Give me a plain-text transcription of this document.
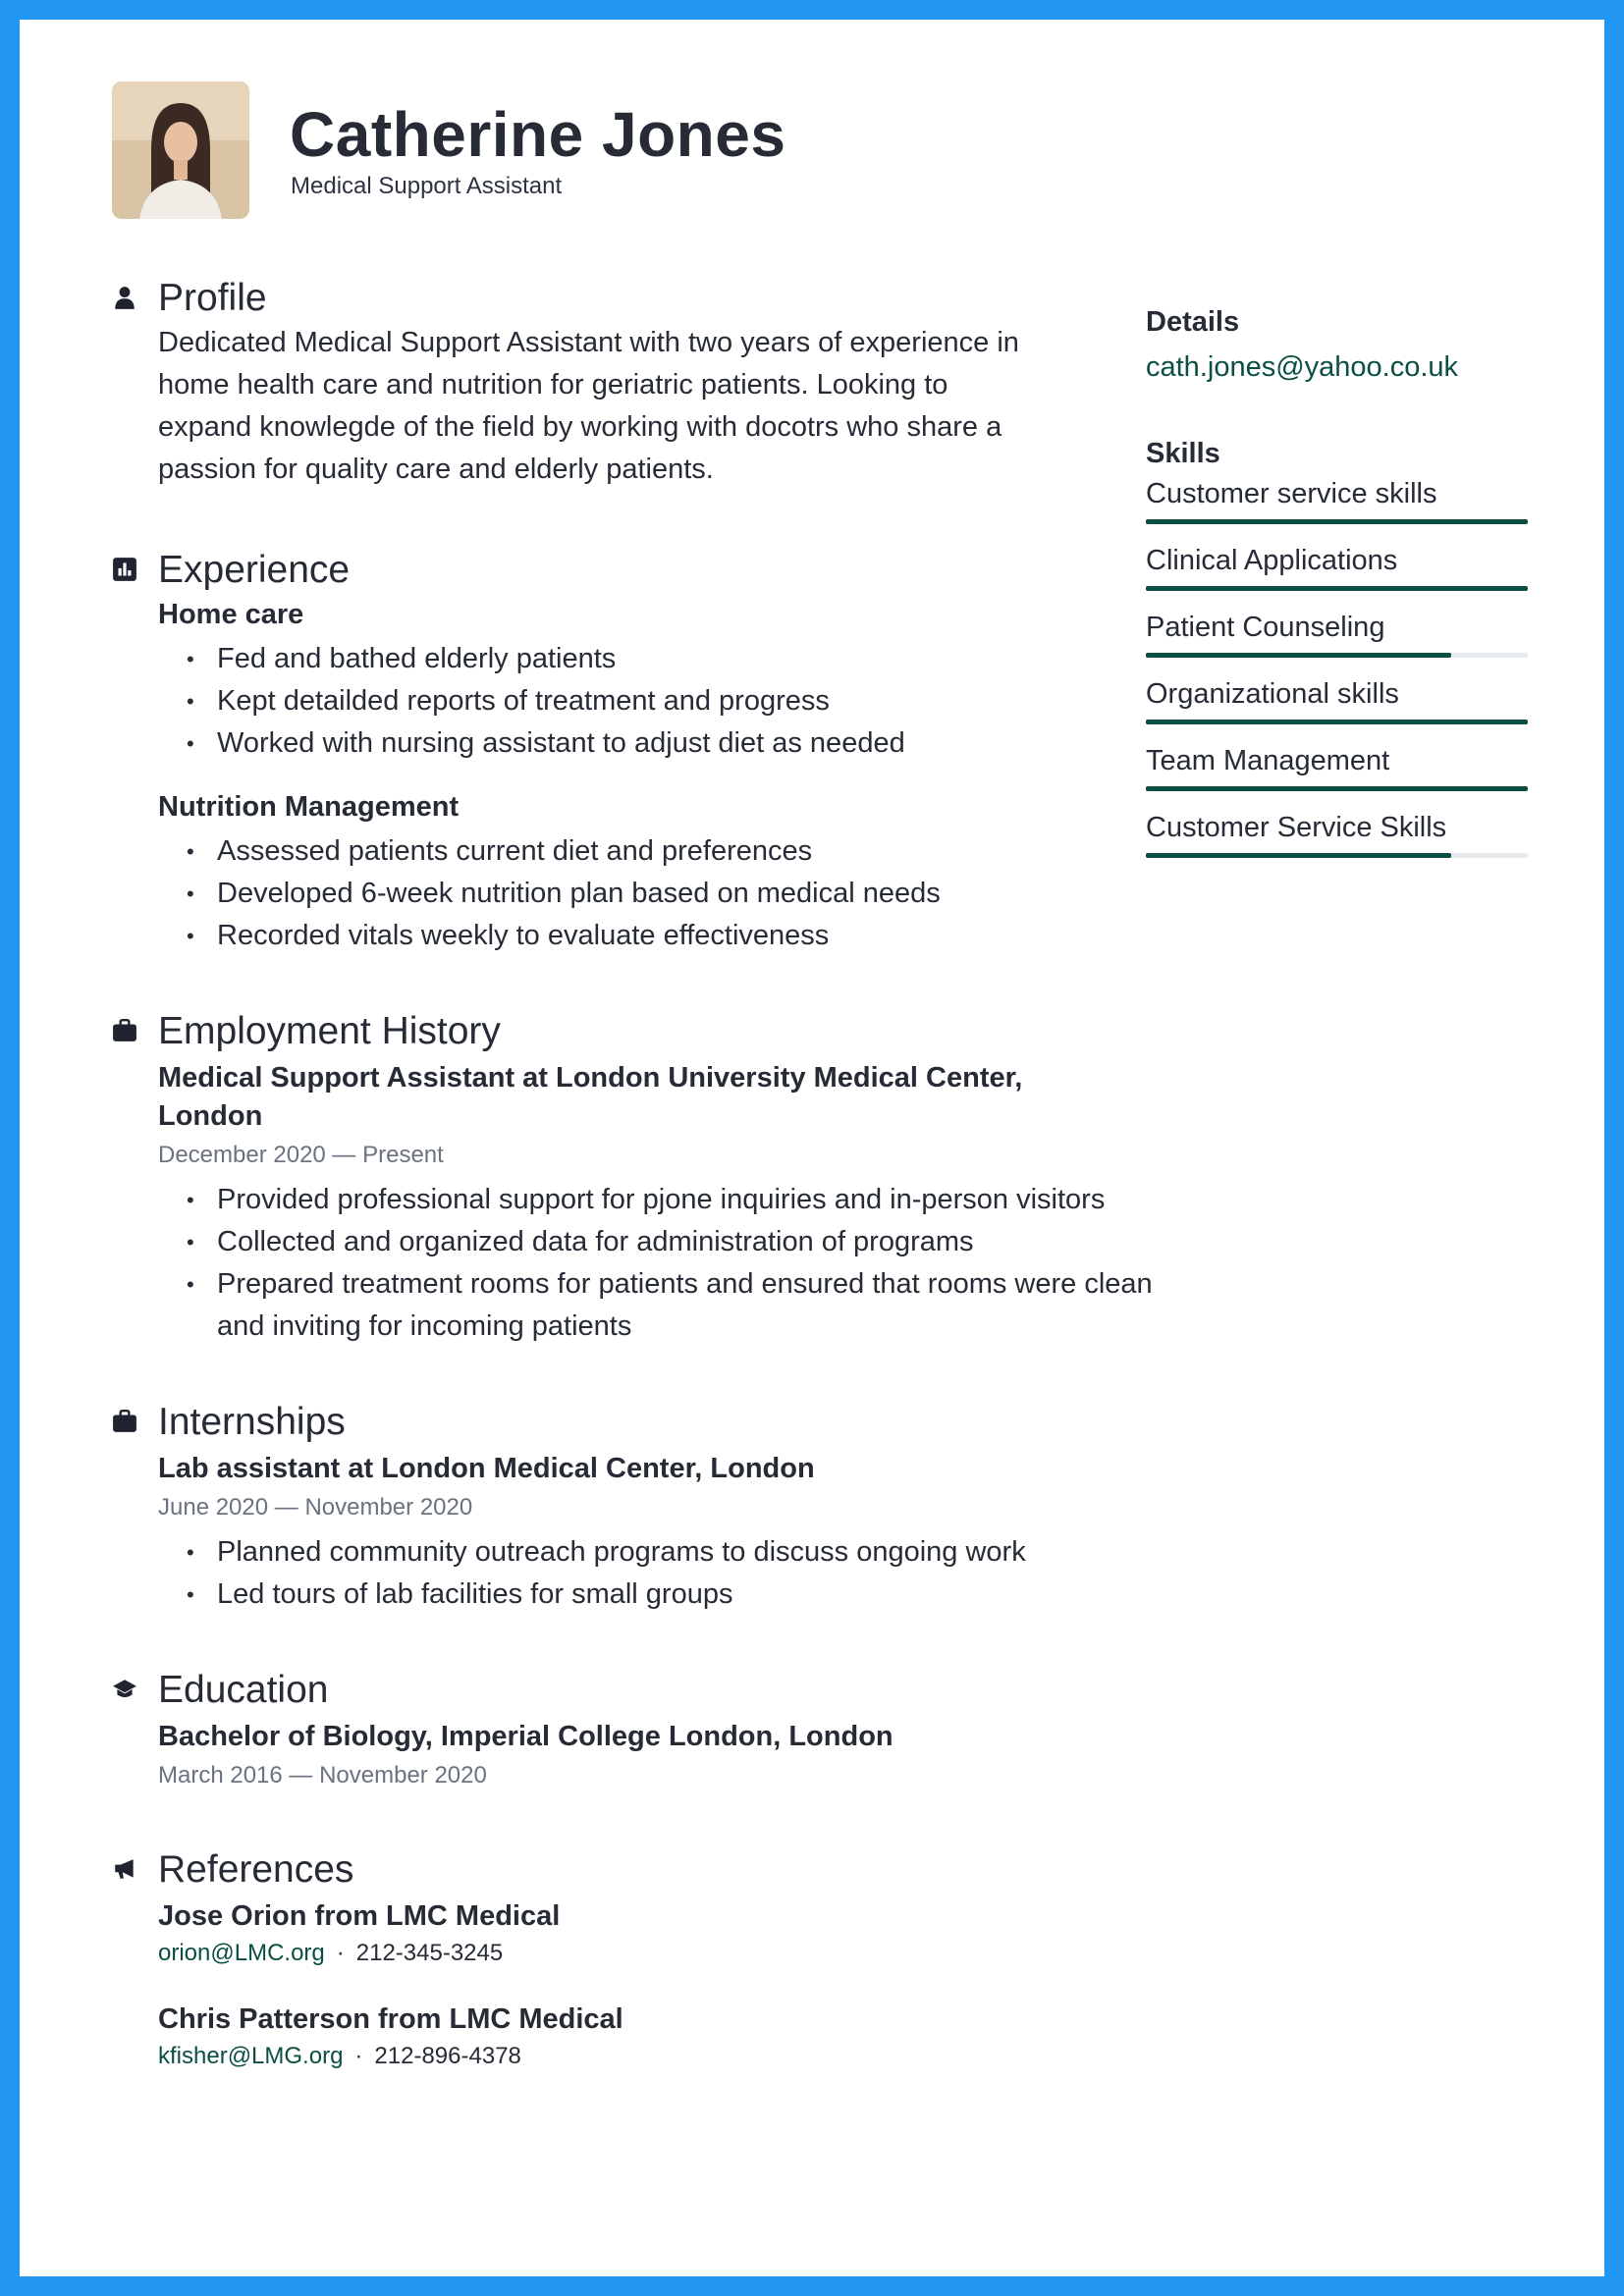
Catherine Jones
Medical Support Assistant
Profile

Dedicated Medical Support Assistant with two years of experience in home health care and nutrition for geriatric patients. Looking to expand knowlegde of the field by working with docotrs who share a passion for quality care and elderly patients.

Experience
Home care
• Fed and bathed elderly patients
• Kept detailded reports of treatment and progress
• Worked with nursing assistant to adjust diet as needed
Nutrition Management
• Assessed patients current diet and preferences
• Developed 6-week nutrition plan based on medical needs
• Recorded vitals weekly to evaluate effectiveness
Employment History
Medical Support Assistant at London University Medical Center, London
December 2020 — Present
• Provided professional support for pjone inquiries and in-person visitors
• Collected and organized data for administration of programs
• Prepared treatment rooms for patients and ensured that rooms were clean and inviting for incoming patients
Internships
Lab assistant at London Medical Center, London
June 2020 — November 2020
• Planned community outreach programs to discuss ongoing work
• Led tours of lab facilities for small groups
Education
Bachelor of Biology, Imperial College London, London
March 2016 — November 2020
References
Jose Orion from LMC Medical
orion@LMC.org · 212-345-3245
Chris Patterson from LMC Medical
kfisher@LMG.org · 212-896-4378
Details
cath.jones@yahoo.co.uk
Skills
Customer service skills
Clinical Applications
Patient Counseling
Organizational skills
Team Management
Customer Service Skills
